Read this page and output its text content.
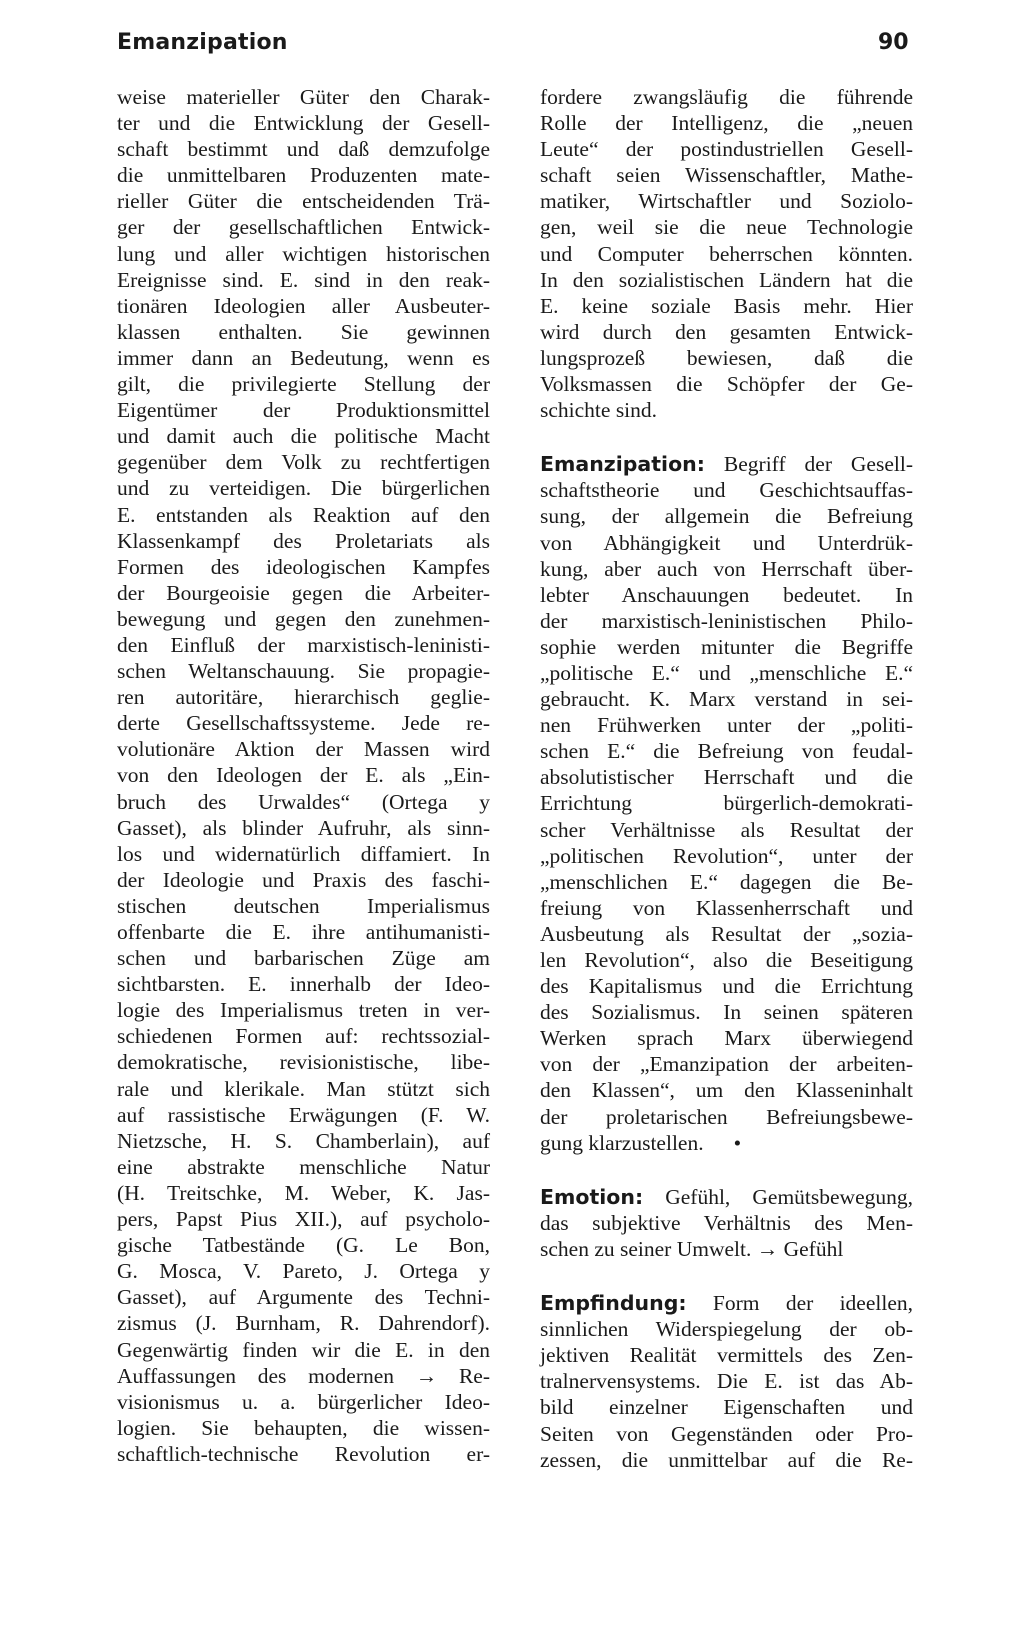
Emanzipation	90
weise materieller Güter den Charak-
ter und die Entwicklung der Gesell-
schaft bestimmt und daß demzufolge
die unmittelbaren Produzenten mate-
rieller Güter die entscheidenden Trä-
ger der gesellschaftlichen Entwick-
lung und aller wichtigen historischen
Ereignisse sind. E. sind in den reak-
tionären Ideologien aller Ausbeuter-
klassen enthalten. Sie gewinnen
immer dann an Bedeutung, wenn es
gilt, die privilegierte Stellung der
Eigentümer der Produktionsmittel
und damit auch die politische Macht
gegenüber dem Volk zu rechtfertigen
und zu verteidigen. Die bürgerlichen
E. entstanden als Reaktion auf den
Klassenkampf des Proletariats als
Formen des ideologischen Kampfes
der Bourgeoisie gegen die Arbeiter-
bewegung und gegen den zunehmen-
den Einfluß der marxistisch-leninisti-
schen Weltanschauung. Sie propagie-
ren autoritäre, hierarchisch geglie-
derte Gesellschaftssysteme. Jede re-
volutionäre Aktion der Massen wird
von den Ideologen der E. als „Ein-
bruch des Urwaldes“ (Ortega y
Gasset), als blinder Aufruhr, als sinn-
los und widernatürlich diffamiert. In
der Ideologie und Praxis des faschi-
stischen deutschen Imperialismus
offenbarte die E. ihre antihumanisti-
schen und barbarischen Züge am
sichtbarsten. E. innerhalb der Ideo-
logie des Imperialismus treten in ver-
schiedenen Formen auf: rechtssozial-
demokratische, revisionistische, libe-
rale und klerikale. Man stützt sich
auf rassistische Erwägungen (F. W.
Nietzsche, H. S. Chamberlain), auf
eine abstrakte menschliche Natur
(H. Treitschke, M. Weber, K. Jas-
pers, Papst Pius XII.), auf psycholo-
gische Tatbestände (G. Le Bon,
G. Mosca, V. Pareto, J. Ortega y
Gasset), auf Argumente des Techni-
zismus (J. Burnham, R. Dahrendorf).
Gegenwärtig finden wir die E. in den
Auffassungen des modernen → Re-
visionismus u. a. bürgerlicher Ideo-
logien. Sie behaupten, die wissen-
schaftlich-technische Revolution er-
fordere zwangsläufig die führende
Rolle der Intelligenz, die „neuen
Leute“ der postindustriellen Gesell-
schaft seien Wissenschaftler, Mathe-
matiker, Wirtschaftler und Soziolo-
gen, weil sie die neue Technologie
und Computer beherrschen könnten.
In den sozialistischen Ländern hat die
E. keine soziale Basis mehr. Hier
wird durch den gesamten Entwick-
lungsprozeß bewiesen, daß die
Volksmassen die Schöpfer der Ge-
schichte sind.
Emanzipation: Begriff der Gesell-
schaftstheorie und Geschichtsauffas-
sung, der allgemein die Befreiung
von Abhängigkeit und Unterdrük-
kung, aber auch von Herrschaft über-
lebter Anschauungen bedeutet. In
der marxistisch-leninistischen Philo-
sophie werden mitunter die Begriffe
„politische E.“ und „menschliche E.“
gebraucht. K. Marx verstand in sei-
nen Frühwerken unter der „politi-
schen E.“ die Befreiung von feudal-
absolutistischer Herrschaft und die
Errichtung bürgerlich-demokrati-
scher Verhältnisse als Resultat der
„politischen Revolution“, unter der
„menschlichen E.“ dagegen die Be-
freiung von Klassenherrschaft und
Ausbeutung als Resultat der „sozia-
len Revolution“, also die Beseitigung
des Kapitalismus und die Errichtung
des Sozialismus. In seinen späteren
Werken sprach Marx überwiegend
von der „Emanzipation der arbeiten-
den Klassen“, um den Klasseninhalt
der proletarischen Befreiungsbewe-
gung klarzustellen. •
Emotion: Gefühl, Gemütsbewegung,
das subjektive Verhältnis des Men-
schen zu seiner Umwelt. → Gefühl
Empfindung: Form der ideellen,
sinnlichen Widerspiegelung der ob-
jektiven Realität vermittels des Zen-
tralnervensystems. Die E. ist das Ab-
bild einzelner Eigenschaften und
Seiten von Gegenständen oder Pro-
zessen, die unmittelbar auf die Re-
